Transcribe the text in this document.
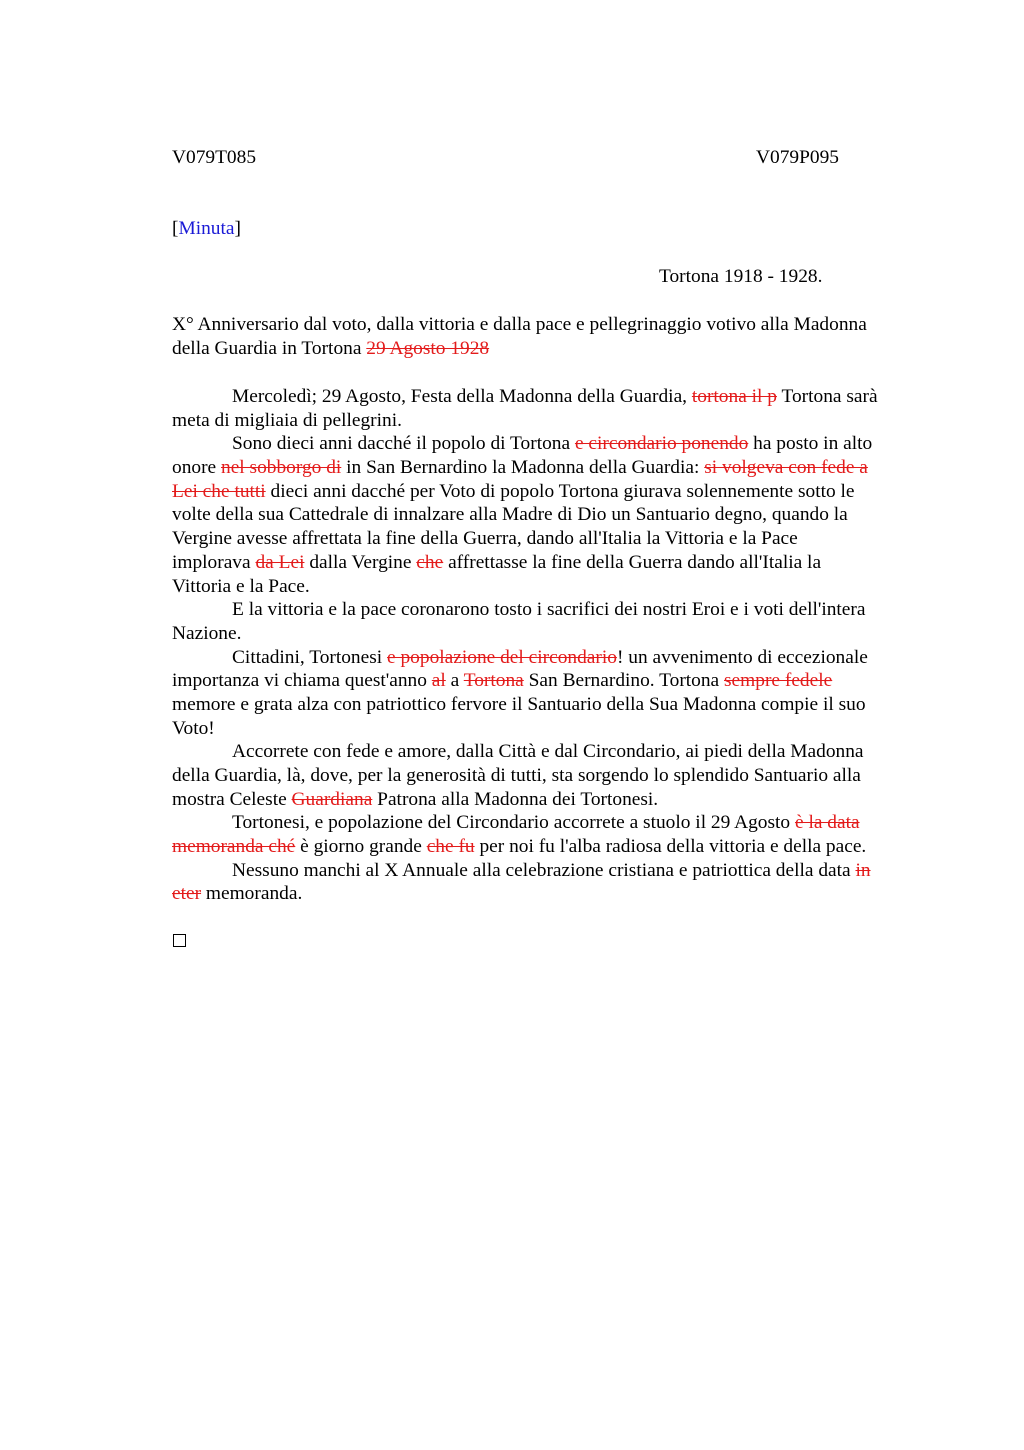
V079T085	V079P095
[Minuta]
Tortona 1918 - 1928.
X° Anniversario dal voto, dalla vittoria e dalla pace e pellegrinaggio votivo alla Madonna
della Guardia in Tortona 29 Agosto 1928
Mercoledì; 29 Agosto, Festa della Madonna della Guardia, tortona il p Tortona sarà
meta di migliaia di pellegrini.
Sono dieci anni dacché il popolo di Tortona e circondario ponendo ha posto in alto
onore nel sobborgo di in San Bernardino la Madonna della Guardia: si volgeva con fede a
Lei che tutti dieci anni dacché per Voto di popolo Tortona giurava solennemente sotto le
volte della sua Cattedrale di innalzare alla Madre di Dio un Santuario degno, quando la
Vergine avesse affrettata la fine della Guerra, dando all'Italia la Vittoria e la Pace
implorava da Lei dalla Vergine che affrettasse la fine della Guerra dando all'Italia la
Vittoria e la Pace.
E la vittoria e la pace coronarono tosto i sacrifici dei nostri Eroi e i voti dell'intera
Nazione.
Cittadini, Tortonesi e popolazione del circondario! un avvenimento di eccezionale
importanza vi chiama quest'anno al a Tortona San Bernardino. Tortona sempre fedele
memore e grata alza con patriottico fervore il Santuario della Sua Madonna compie il suo
Voto!
Accorrete con fede e amore, dalla Città e dal Circondario, ai piedi della Madonna
della Guardia, là, dove, per la generosità di tutti, sta sorgendo lo splendido Santuario alla
mostra Celeste Guardiana Patrona alla Madonna dei Tortonesi.
Tortonesi, e popolazione del Circondario accorrete a stuolo il 29 Agosto è la data
memoranda ché è giorno grande che fu per noi fu l'alba radiosa della vittoria e della pace.
Nessuno manchi al X Annuale alla celebrazione cristiana e patriottica della data in
eter memoranda.
